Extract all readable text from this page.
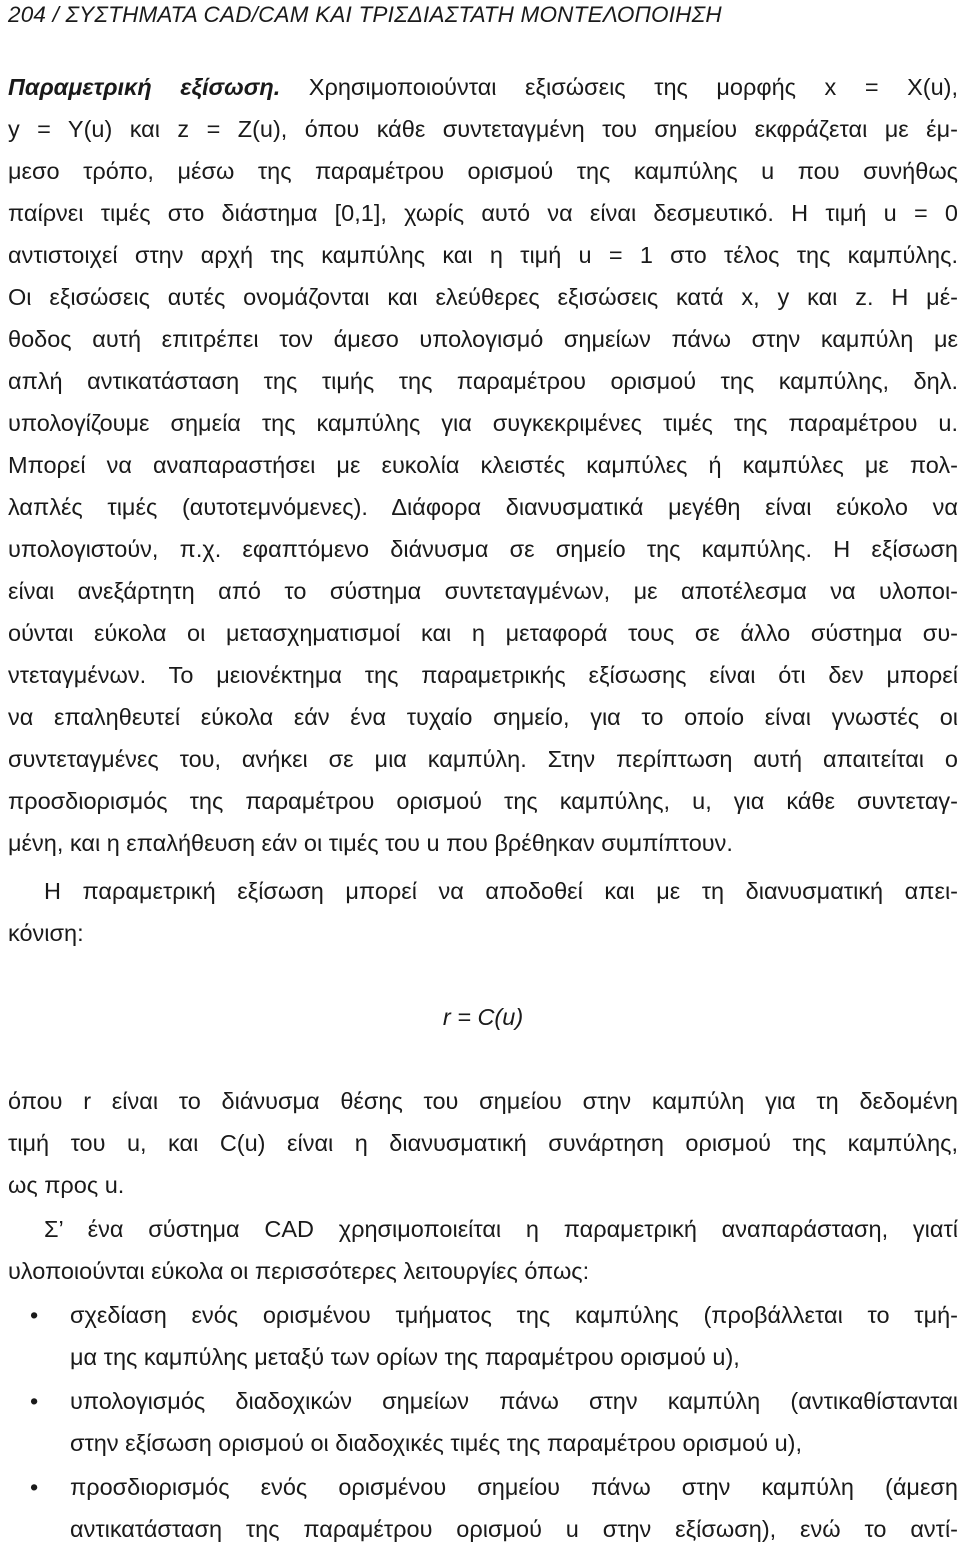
204 / ΣΥΣΤΗΜΑΤΑ CAD/CAM ΚΑΙ ΤΡΙΣΔΙΑΣΤΑΤΗ ΜΟΝΤΕΛΟΠΟΙΗΣΗ
Παραμετρική εξίσωση. Χρησιμοποιούνται εξισώσεις της μορφής x = X(u),
y = Y(u) και z = Z(u), όπου κάθε συντεταγμένη του σημείου εκφράζεται με έμ-
μεσο τρόπο, μέσω της παραμέτρου ορισμού της καμπύλης u που συνήθως
παίρνει τιμές στο διάστημα [0,1], χωρίς αυτό να είναι δεσμευτικό. Η τιμή u = 0
αντιστοιχεί στην αρχή της καμπύλης και η τιμή u = 1 στο τέλος της καμπύλης.
Οι εξισώσεις αυτές ονομάζονται και ελεύθερες εξισώσεις κατά x, y και z. Η μέ-
θοδος αυτή επιτρέπει τον άμεσο υπολογισμό σημείων πάνω στην καμπύλη με
απλή αντικατάσταση της τιμής της παραμέτρου ορισμού της καμπύλης, δηλ.
υπολογίζουμε σημεία της καμπύλης για συγκεκριμένες τιμές της παραμέτρου u.
Μπορεί να αναπαραστήσει με ευκολία κλειστές καμπύλες ή καμπύλες με πολ-
λαπλές τιμές (αυτοτεμνόμενες). Διάφορα διανυσματικά μεγέθη είναι εύκολο να
υπολογιστούν, π.χ. εφαπτόμενο διάνυσμα σε σημείο της καμπύλης. Η εξίσωση
είναι ανεξάρτητη από το σύστημα συντεταγμένων, με αποτέλεσμα να υλοποι-
ούνται εύκολα οι μετασχηματισμοί και η μεταφορά τους σε άλλο σύστημα συ-
ντεταγμένων. Το μειονέκτημα της παραμετρικής εξίσωσης είναι ότι δεν μπορεί
να επαληθευτεί εύκολα εάν ένα τυχαίο σημείο, για το οποίο είναι γνωστές οι
συντεταγμένες του, ανήκει σε μια καμπύλη. Στην περίπτωση αυτή απαιτείται ο
προσδιορισμός της παραμέτρου ορισμού της καμπύλης, u, για κάθε συντεταγ-
μένη, και η επαλήθευση εάν οι τιμές του u που βρέθηκαν συμπίπτουν.
Η παραμετρική εξίσωση μπορεί να αποδοθεί και με τη διανυσματική απει-
κόνιση:
r = C(u)
όπου r είναι το διάνυσμα θέσης του σημείου στην καμπύλη για τη δεδομένη
τιμή του u, και C(u) είναι η διανυσματική συνάρτηση ορισμού της καμπύλης,
ως προς u.
Σ’ ένα σύστημα CAD χρησιμοποιείται η παραμετρική αναπαράσταση, γιατί
υλοποιούνται εύκολα οι περισσότερες λειτουργίες όπως:
• σχεδίαση ενός ορισμένου τμήματος της καμπύλης (προβάλλεται το τμή-
μα της καμπύλης μεταξύ των ορίων της παραμέτρου ορισμού u),
• υπολογισμός διαδοχικών σημείων πάνω στην καμπύλη (αντικαθίστανται
στην εξίσωση ορισμού οι διαδοχικές τιμές της παραμέτρου ορισμού u),
• προσδιορισμός ενός ορισμένου σημείου πάνω στην καμπύλη (άμεση
αντικατάσταση της παραμέτρου ορισμού u στην εξίσωση), ενώ το αντί-
